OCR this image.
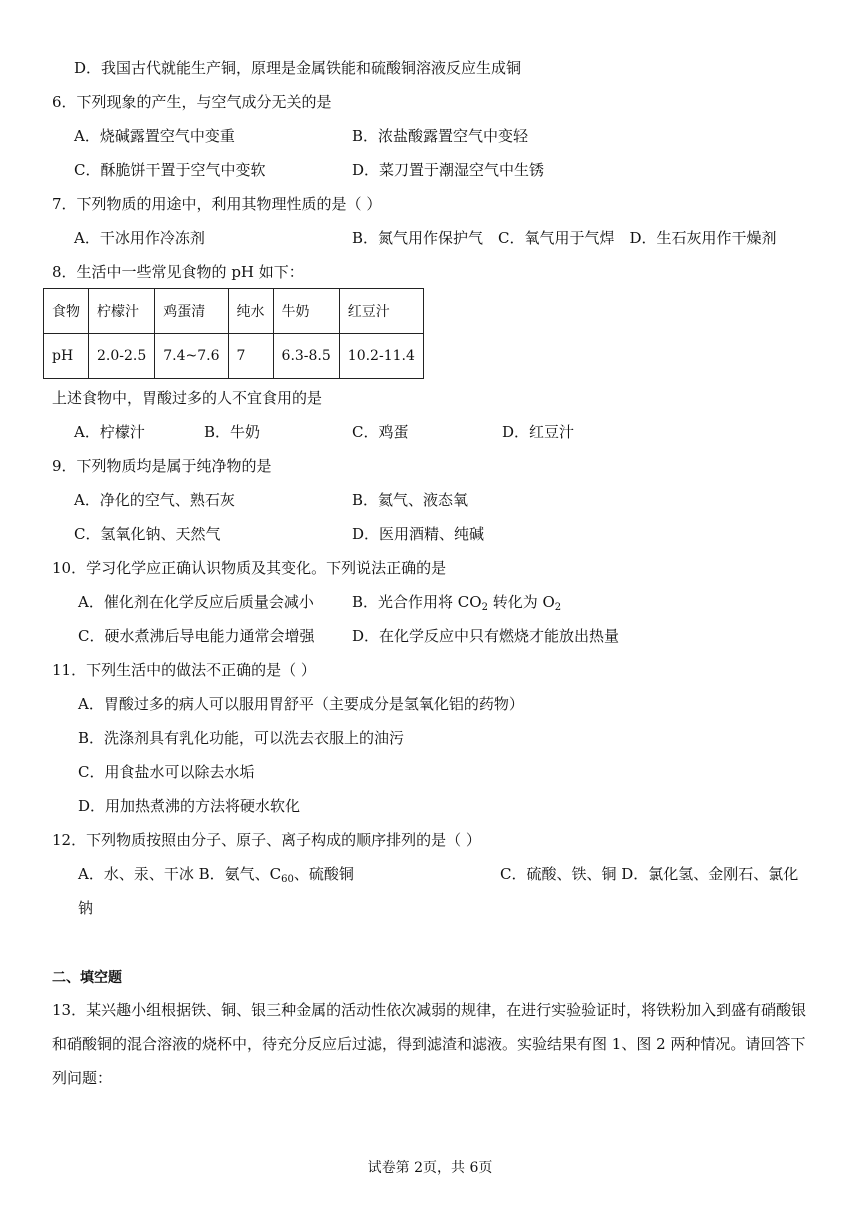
D．我国古代就能生产铜，原理是金属铁能和硫酸铜溶液反应生成铜
6．下列现象的产生，与空气成分无关的是
A．烧碱露置空气中变重	B．浓盐酸露置空气中变轻
C．酥脆饼干置于空气中变软	D．菜刀置于潮湿空气中生锈
7．下列物质的用途中，利用其物理性质的是（ ）
A．干冰用作冷冻剂	B．氮气用作保护气　C．氧气用于气焊　D．生石灰用作干燥剂
8．生活中一些常见食物的 pH 如下：
食物	柠檬汁	鸡蛋清	纯水	牛奶	红豆汁
pH	2.0-2.5	7.4~7.6	7	6.3-8.5	10.2-11.4
上述食物中，胃酸过多的人不宜食用的是
A．柠檬汁	B．牛奶	C．鸡蛋	D．红豆汁
9．下列物质均是属于纯净物的是
A．净化的空气、熟石灰	B．氦气、液态氧
C．氢氧化钠、天然气	D．医用酒精、纯碱
10．学习化学应正确认识物质及其变化。下列说法正确的是
A．催化剂在化学反应后质量会减小	B．光合作用将 $CO_2$ 转化为 $O_2$
C．硬水煮沸后导电能力通常会增强	D．在化学反应中只有燃烧才能放出热量
11．下列生活中的做法不正确的是（ ）
A．胃酸过多的病人可以服用胃舒平（主要成分是氢氧化铝的药物）
B．洗涤剂具有乳化功能，可以洗去衣服上的油污
C．用食盐水可以除去水垢
D．用加热煮沸的方法将硬水软化
12．下列物质按照由分子、原子、离子构成的顺序排列的是（ ）
A．水、汞、干冰 B．氨气、$C_{60}$、硫酸铜	C．硫酸、铁、铜 D．氯化氢、金刚石、氯化
钠
二、填空题
13．某兴趣小组根据铁、铜、银三种金属的活动性依次减弱的规律，在进行实验验证时，将铁粉加入到盛有硝酸银
和硝酸铜的混合溶液的烧杯中，待充分反应后过滤，得到滤渣和滤液。实验结果有图 1、图 2 两种情况。请回答下
列问题：
试卷第 2页，共 6页
